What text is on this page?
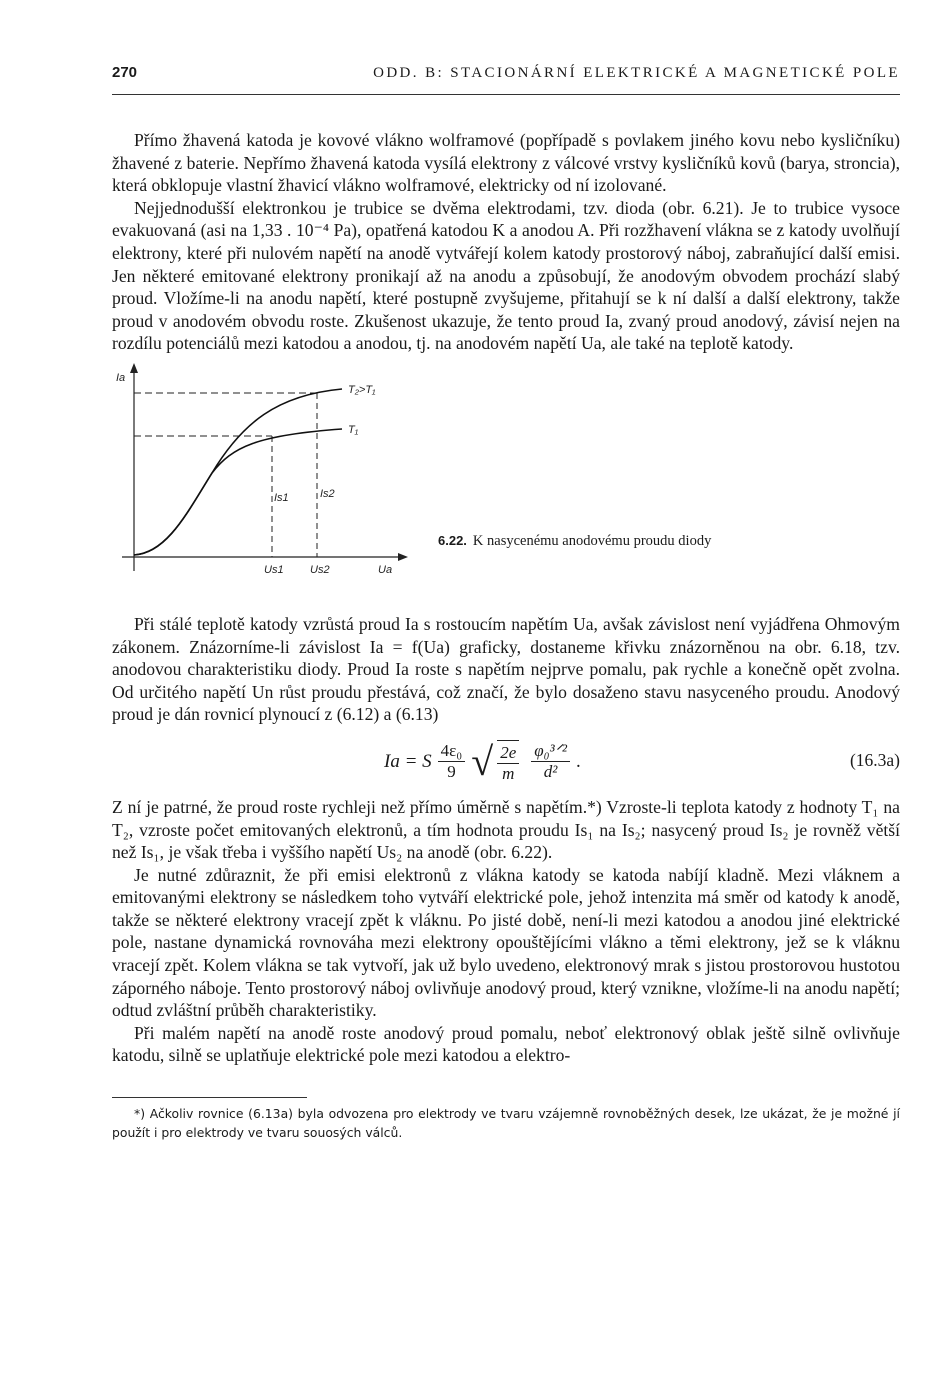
270	ODD. B: STACIONÁRNÍ ELEKTRICKÉ A MAGNETICKÉ POLE

Přímo žhavená katoda je kovové vlákno wolframové (popřípadě s povlakem jiného kovu nebo kysličníku) žhavené z baterie. Nepřímo žhavená katoda vysílá elektrony z válcové vrstvy kysličníků kovů (barya, stroncia), která obklopuje vlastní žhavicí vlákno wolframové, elektricky od ní izolované.

Nejjednodušší elektronkou je trubice se dvěma elektrodami, tzv. dioda (obr. 6.21). Je to trubice vysoce evakuovaná (asi na 1,33 . 10⁻⁴ Pa), opatřená katodou K a anodou A. Při rozžhavení vlákna se z katody uvolňují elektrony, které při nulovém napětí na anodě vytvářejí kolem katody prostorový náboj, zabraňující další emisi. Jen některé emitované elektrony pronikají až na anodu a způsobují, že anodovým obvodem prochází slabý proud. Vložíme-li na anodu napětí, které postupně zvyšujeme, přitahují se k ní další a další elektrony, takže proud v anodovém obvodu roste. Zkušenost ukazuje, že tento proud Ia, zvaný proud anodový, závisí nejen na rozdílu potenciálů mezi katodou a anodou, tj. na anodovém napětí Ua, ale také na teplotě katody.

Ia
T₂>T₁
T₁
Is1	Is2
Us1 Us2	Ua
6.22. K nasycenému anodovému proudu diody

Při stálé teplotě katody vzrůstá proud Ia s rostoucím napětím Ua, avšak závislost není vyjádřena Ohmovým zákonem. Znázorníme-li závislost Ia = f(Ua) graficky, dostaneme křivku znázorněnou na obr. 6.18, tzv. anodovou charakteristiku diody. Proud Ia roste s napětím nejprve pomalu, pak rychle a konečně opět zvolna. Od určitého napětí Un růst proudu přestává, což značí, že bylo dosaženo stavu nasyceného proudu. Anodový proud je dán rovnicí plynoucí z (6.12) a (6.13)

Ia = S $\frac{\text{4ε₀}}{9}$ √ $\frac{2e}{m} \frac{\text{φ₀³ᐟ²}}{\text{d²}}$ .	(16.3a)

Z ní je patrné, že proud roste rychleji než přímo úměrně s napětím.*) Vzroste-li teplota katody z hodnoty T₁ na T₂, vzroste počet emitovaných elektronů, a tím hodnota proudu Is₁ na Is₂; nasycený proud Is₂ je rovněž větší než Is₁, je však třeba i vyššího napětí Us₂ na anodě (obr. 6.22).

Je nutné zdůraznit, že při emisi elektronů z vlákna katody se katoda nabíjí kladně. Mezi vláknem a emitovanými elektrony se následkem toho vytváří elektrické pole, jehož intenzita má směr od katody k anodě, takže se některé elektrony vracejí zpět k vláknu. Po jisté době, není-li mezi katodou a anodou jiné elektrické pole, nastane dynamická rovnováha mezi elektrony opouštějícími vlákno a těmi elektrony, jež se k vláknu vracejí zpět. Kolem vlákna se tak vytvoří, jak už bylo uvedeno, elektronový mrak s jistou prostorovou hustotou záporného náboje. Tento prostorový náboj ovlivňuje anodový proud, který vznikne, vložíme-li na anodu napětí; odtud zvláštní průběh charakteristiky.

Při malém napětí na anodě roste anodový proud pomalu, neboť elektronový oblak ještě silně ovlivňuje katodu, silně se uplatňuje elektrické pole mezi katodou a elektro-

*) Ačkoliv rovnice (6.13a) byla odvozena pro elektrody ve tvaru vzájemně rovnoběžných desek, lze ukázat, že je možné jí použít i pro elektrody ve tvaru souosých válců.
